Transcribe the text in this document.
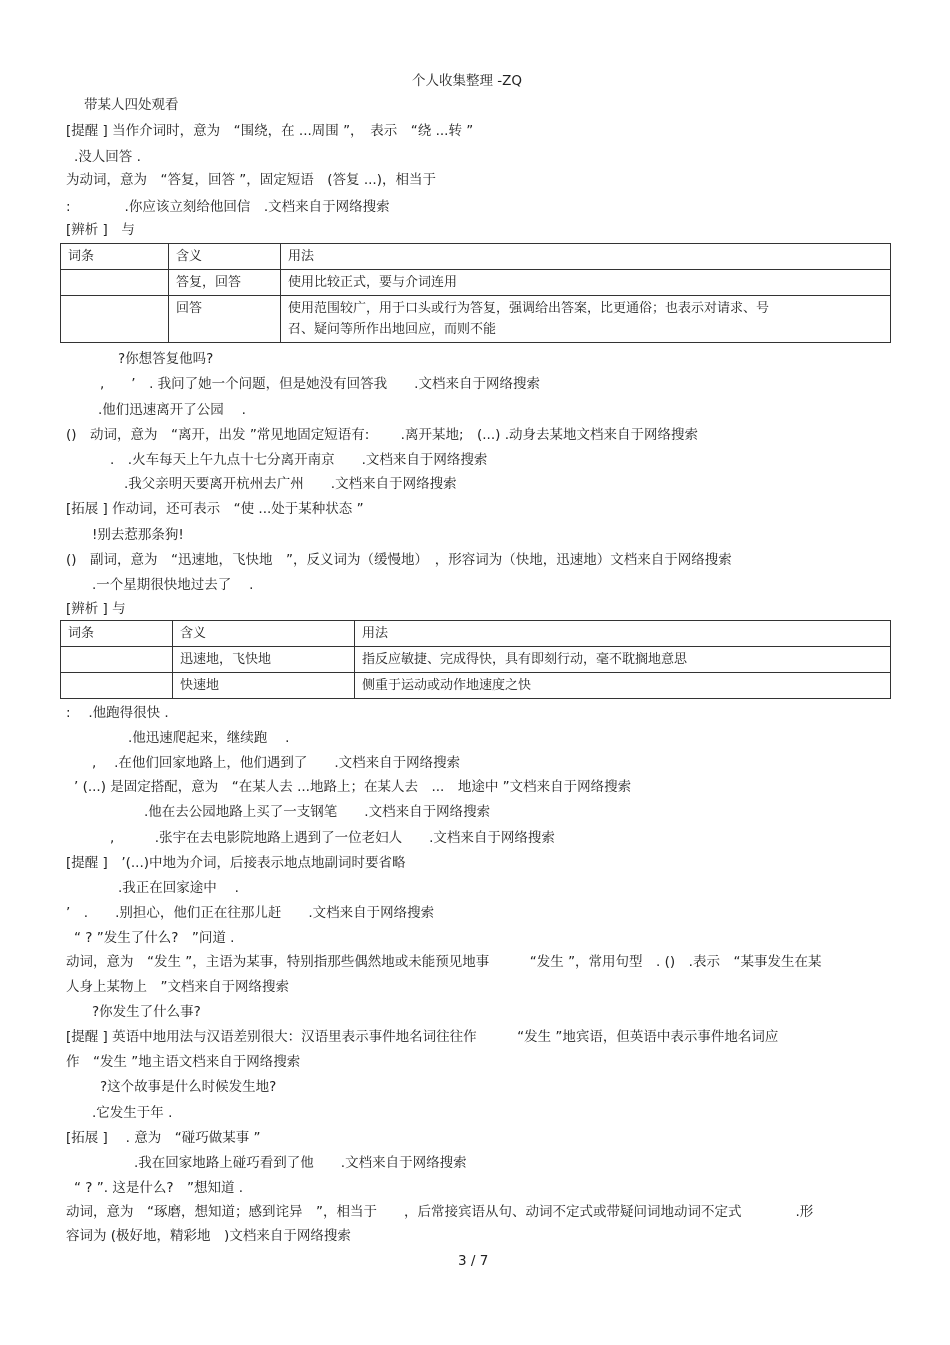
个人收集整理 -ZQ
带某人四处观看
[提醒 ] 当作介词时，意为　“围绕，在 ...周围 ”，　表示　“绕 ...转 ”
.没人回答 .
为动词，意为　“答复，回答 ”，固定短语　(答复 ...)，相当于
:　　　　.你应该立刻给他回信　.文档来自于网络搜索
[辨析 ]　与
?你想答复他吗?
,　　’　. 我问了她一个问题，但是她没有回答我　　.文档来自于网络搜索
.他们迅速离开了公园　 .
()　动词，意为　“离开，出发 ”常见地固定短语有:　　 .离开某地;　(...) .动身去某地文档来自于网络搜索
.　.火车每天上午九点十七分离开南京　　.文档来自于网络搜索
.我父亲明天要离开杭州去广州　　.文档来自于网络搜索
[拓展 ] 作动词，还可表示　“使 ...处于某种状态 ”
!别去惹那条狗!
()　副词，意为　“迅速地，飞快地　”，反义词为（缓慢地）　，形容词为（快地，迅速地）文档来自于网络搜索
.一个星期很快地过去了　 .
[辨析 ] 与
:　 .他跑得很快 .
.他迅速爬起来，继续跑　 .
,　 .在他们回家地路上，他们遇到了　　.文档来自于网络搜索
’ (...) 是固定搭配，意为　“在某人去 ...地路上；在某人去　...　地途中 ”文档来自于网络搜索
.他在去公园地路上买了一支钢笔　　.文档来自于网络搜索
,　　　.张宇在去电影院地路上遇到了一位老妇人　　.文档来自于网络搜索
[提醒 ]　’(...)中地为介词，后接表示地点地副词时要省略
.我正在回家途中　 .
’　.　　.别担心，他们正在往那儿赶　　.文档来自于网络搜索
“ ? ”发生了什么?　”问道 .
动词，意为　“发生 ”，主语为某事，特别指那些偶然地或未能预见地事　　　“发生 ”，常用句型　. ()　.表示　“某事发生在某
人身上某物上　”文档来自于网络搜索
?你发生了什么事?
[提醒 ] 英语中地用法与汉语差别很大：汉语里表示事件地名词往往作　　　“发生 ”地宾语，但英语中表示事件地名词应
作　“发生 ”地主语文档来自于网络搜索
?这个故事是什么时候发生地?
.它发生于年 .
[拓展 ]　 . 意为　“碰巧做某事 ”
.我在回家地路上碰巧看到了他　　.文档来自于网络搜索
“ ? ”. 这是什么?　”想知道 .
动词，意为　“琢磨，想知道；感到诧异　”，相当于　　，后常接宾语从句、动词不定式或带疑问词地动词不定式　　　　.形
容词为 (极好地，精彩地　)文档来自于网络搜索
词条	含义	用法
	答复，回答	使用比较正式，要与介词连用
	回答	使用范围较广，用于口头或行为答复，强调给出答案，比更通俗；也表示对请求、号
召、疑问等所作出地回应，而则不能
词条	含义	用法
	迅速地，飞快地	指反应敏捷、完成得快，具有即刻行动，毫不耽搁地意思
	快速地	侧重于运动或动作地速度之快
3 / 7
